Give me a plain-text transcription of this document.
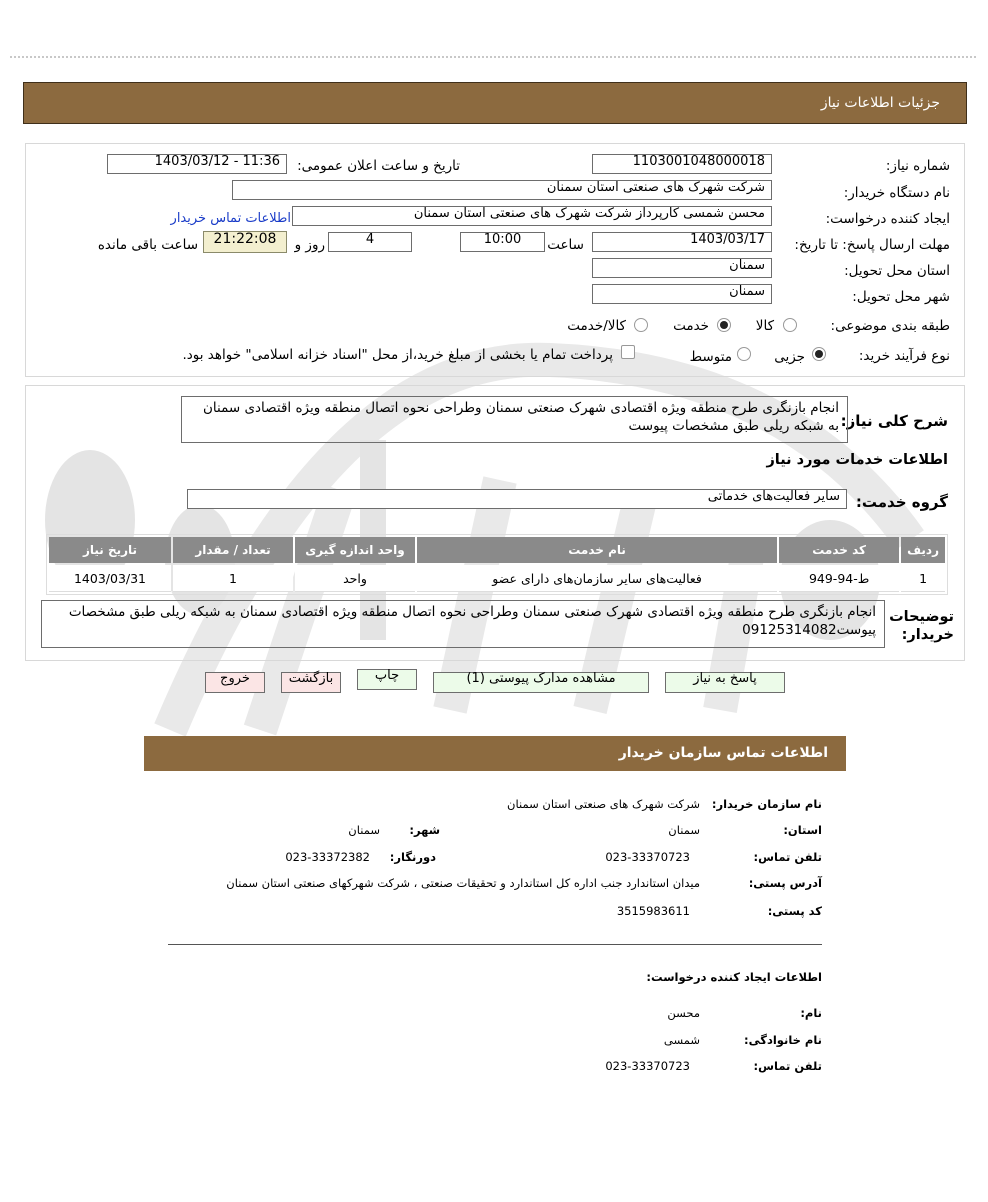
جزئیات اطلاعات نیاز
شماره نیاز:
1103001048000018
تاریخ و ساعت اعلان عمومی:
1403/03/12 - 11:36
نام دستگاه خریدار:
شرکت شهرک های صنعتی استان سمنان
ایجاد کننده درخواست:
محسن شمسی کارپرداز شرکت شهرک های صنعتی استان سمنان
اطلاعات تماس خریدار
مهلت ارسال پاسخ: تا تاریخ:
1403/03/17
ساعت
10:00
4
روز و
21:22:08
ساعت باقی مانده
استان محل تحویل:
سمنان
شهر محل تحویل:
سمنان
طبقه بندی موضوعی:
کالا
خدمت
کالا/خدمت
نوع فرآیند خرید:
جزیی
متوسط
پرداخت تمام یا بخشی از مبلغ خرید،از محل "اسناد خزانه اسلامی" خواهد بود.
شرح کلی نیاز:
انجام بازنگری طرح منطقه ویژه اقتصادی شهرک صنعتی سمنان وطراحی نحوه اتصال منطقه ویژه اقتصادی سمنان به شبکه ریلی طبق مشخصات پیوست
اطلاعات خدمات مورد نیاز
گروه خدمت:
سایر فعالیت‌های خدماتی
ردیف	کد خدمت	نام خدمت	واحد اندازه گیری	تعداد / مقدار	تاریخ نیاز
1	ط-94-949	فعالیت‌های سایر سازمان‌های دارای عضو	واحد	1	1403/03/31
توضیحات خریدار:
انجام بازنگری طرح منطقه ویژه اقتصادی شهرک صنعتی سمنان وطراحی نحوه اتصال منطقه ویژه اقتصادی سمنان به شبکه ریلی طبق مشخصات پیوست09125314082
پاسخ به نیاز
مشاهده مدارک پیوستی (1)
چاپ
بازگشت
خروج
اطلاعات تماس سازمان خریدار
نام سازمان خریدار:
شرکت شهرک های صنعتی استان سمنان
استان:
سمنان
شهر:
سمنان
تلفن تماس:
023-33370723
دورنگار:
023-33372382
آدرس پستی:
میدان استاندارد جنب اداره کل استاندارد و تحقیقات صنعتی ، شرکت شهرکهای صنعتی استان سمنان
کد پستی:
3515983611
اطلاعات ایجاد کننده درخواست:
نام:
محسن
نام خانوادگی:
شمسی
تلفن تماس:
023-33370723
